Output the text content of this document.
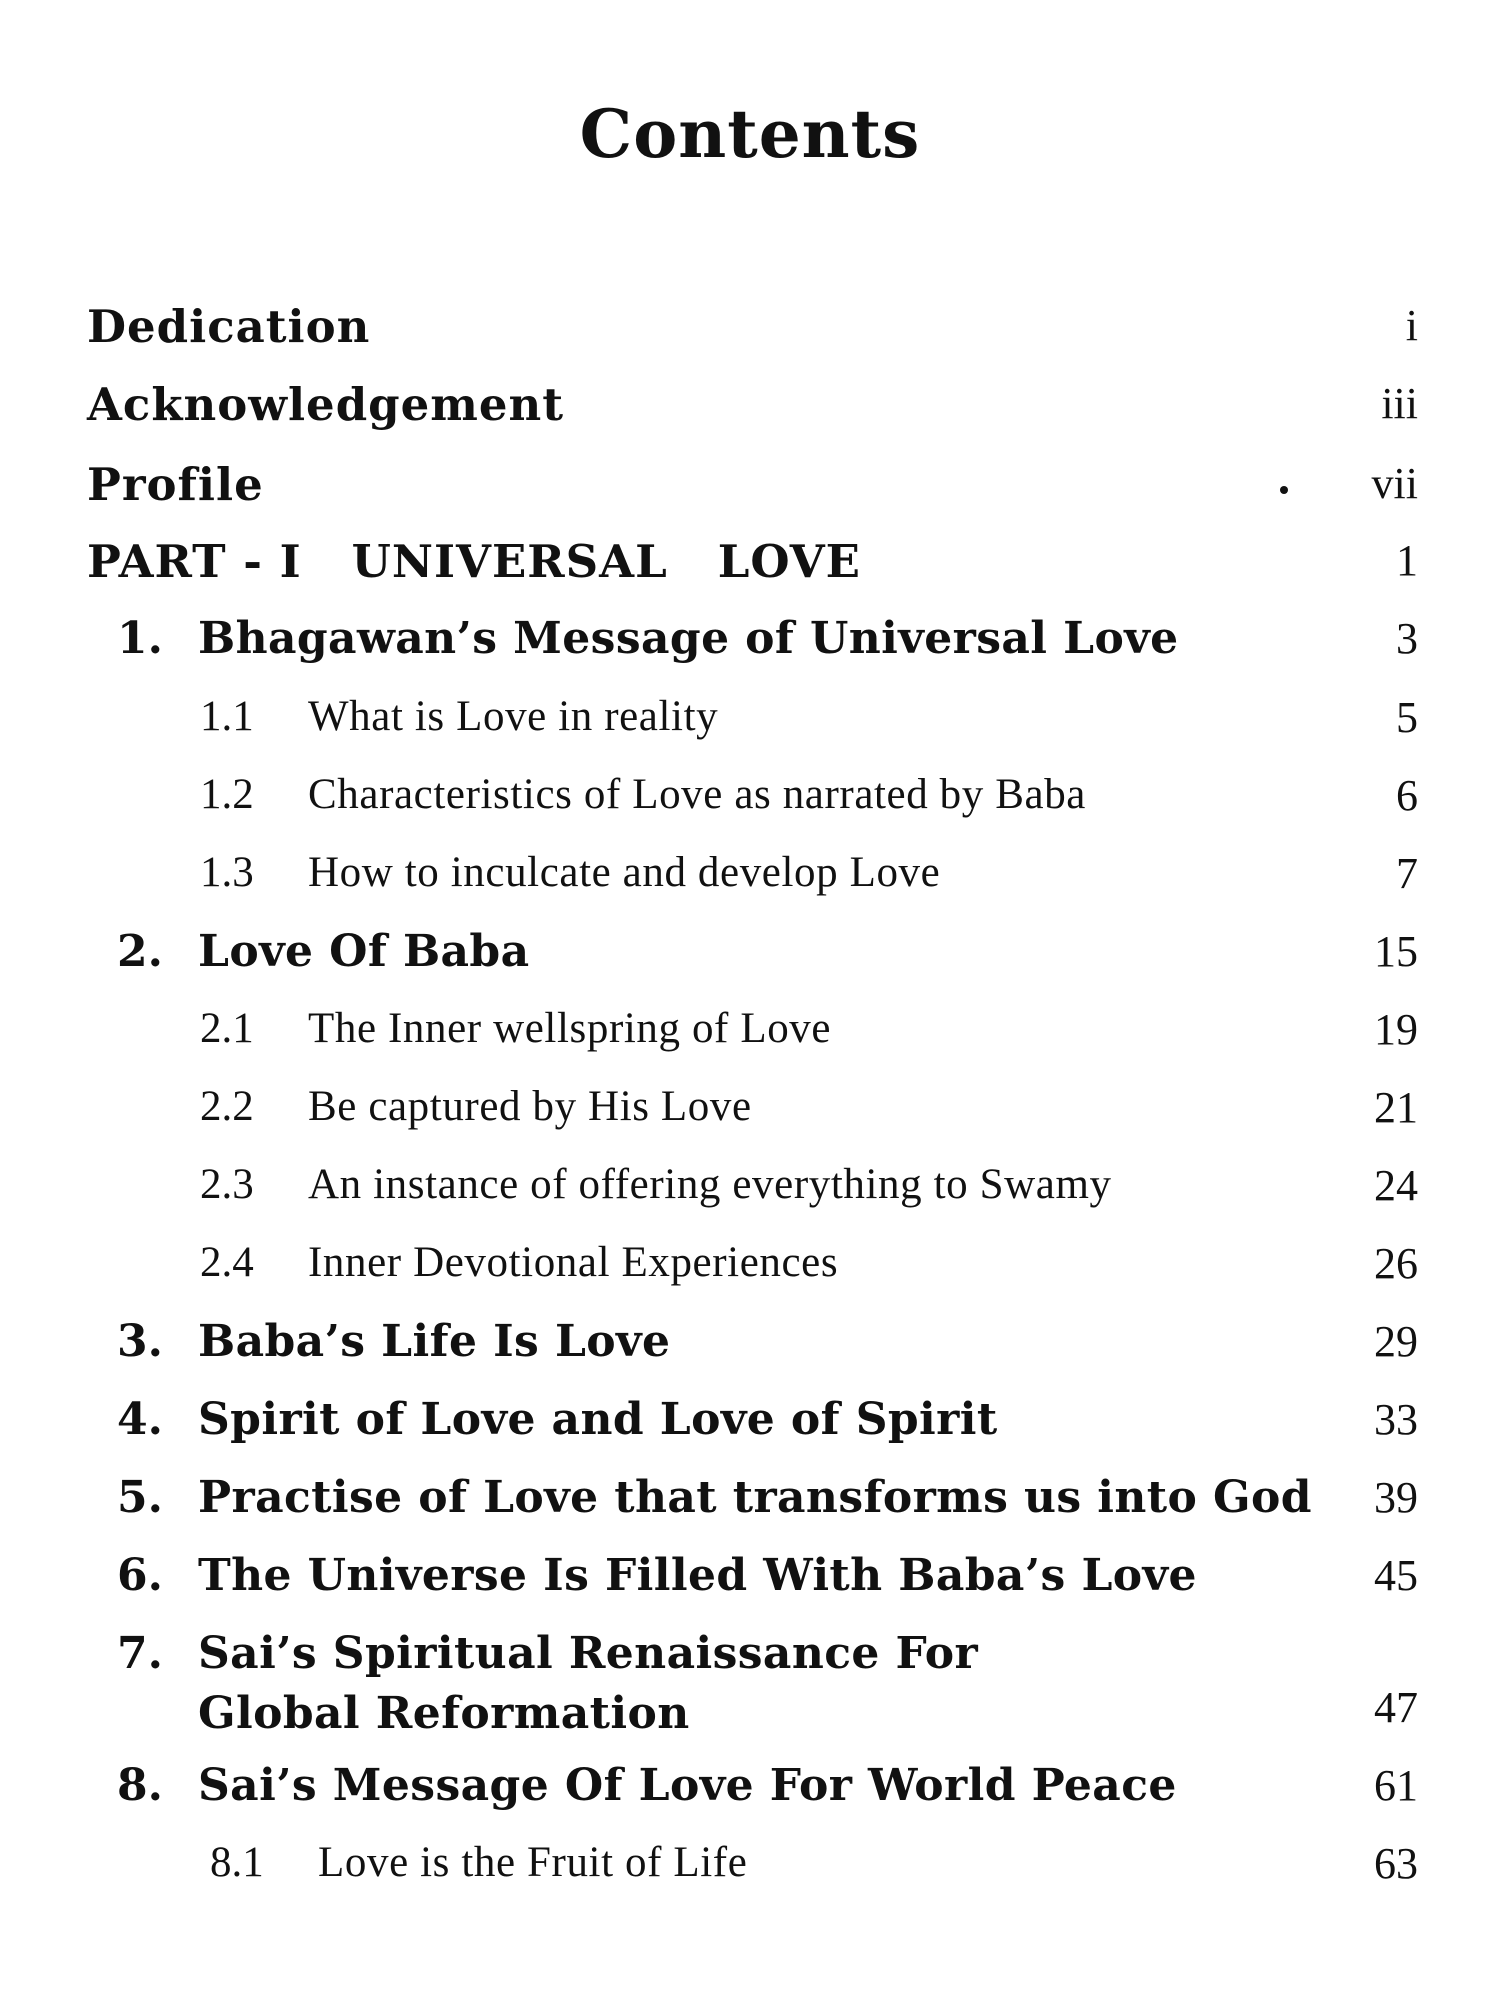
Contents
Dedication	i
Acknowledgement	iii
Profile	vii
PART - I   UNIVERSAL   LOVE	1
1. Bhagawan’s Message of Universal Love	3
1.1 What is Love in reality	5
1.2 Characteristics of Love as narrated by Baba	6
1.3 How to inculcate and develop Love	7
2. Love Of Baba	15
2.1 The Inner wellspring of Love	19
2.2 Be captured by His Love	21
2.3 An instance of offering everything to Swamy	24
2.4 Inner Devotional Experiences	26
3. Baba’s Life Is Love	29
4. Spirit of Love and Love of Spirit	33
5. Practise of Love that transforms us into God 39
6. The Universe Is Filled With Baba’s Love	45
7. Sai’s Spiritual Renaissance For
Global Reformation	47
8. Sai’s Message Of Love For World Peace	61
8.1 Love is the Fruit of Life	63
